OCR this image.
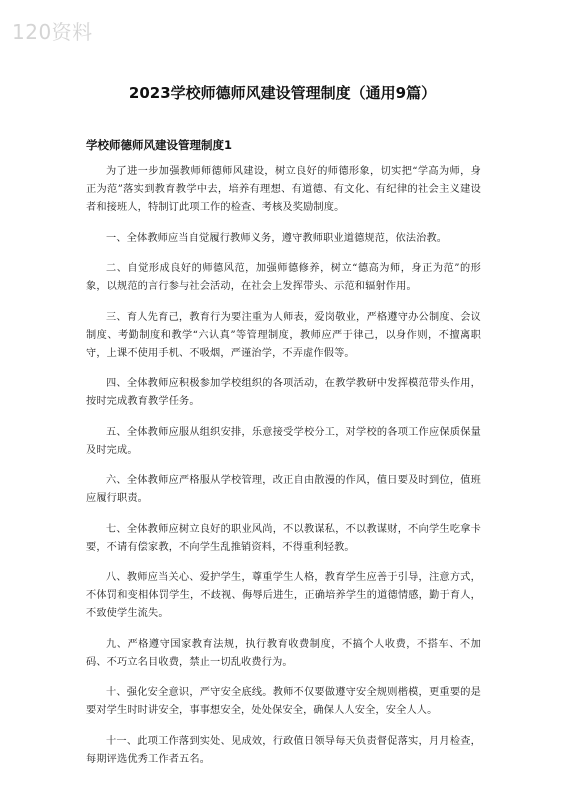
120资料
2023学校师德师风建设管理制度（通用9篇）
学校师德师风建设管理制度1

为了进一步加强教师师德师风建设，树立良好的师德形象，切实把“学高为师，身正为范”落实到教育教学中去，培养有理想、有道德、有文化、有纪律的社会主义建设者和接班人，特制订此项工作的检查、考核及奖励制度。

一、全体教师应当自觉履行教师义务，遵守教师职业道德规范，依法治教。

二、自觉形成良好的师德风范，加强师德修养，树立“德高为师，身正为范”的形象，以规范的言行参与社会活动，在社会上发挥带头、示范和辐射作用。

三、育人先育己，教育行为要注重为人师表，爱岗敬业，严格遵守办公制度、会议制度、考勤制度和教学“六认真”等管理制度，教师应严于律己，以身作则，不擅离职守，上课不使用手机、不吸烟，严谨治学，不弄虚作假等。

四、全体教师应积极参加学校组织的各项活动，在教学教研中发挥模范带头作用，按时完成教育教学任务。

五、全体教师应服从组织安排，乐意接受学校分工，对学校的各项工作应保质保量及时完成。

六、全体教师应严格服从学校管理，改正自由散漫的作风，值日要及时到位，值班应履行职责。

七、全体教师应树立良好的职业风尚，不以教谋私，不以教谋财，不向学生吃拿卡要，不请有偿家教，不向学生乱推销资料，不得重利轻教。

八、教师应当关心、爱护学生，尊重学生人格，教育学生应善于引导，注意方式，不体罚和变相体罚学生，不歧视、侮辱后进生，正确培养学生的道德情感，勤于育人，不致使学生流失。

九、严格遵守国家教育法规，执行教育收费制度，不搞个人收费，不搭车、不加码、不巧立名目收费，禁止一切乱收费行为。

十、强化安全意识，严守安全底线。教师不仅要做遵守安全规则楷模，更重要的是要对学生时时讲安全，事事想安全，处处保安全，确保人人安全，安全人人。

十一、此项工作落到实处、见成效，行政值日领导每天负责督促落实，月月检查，每期评选优秀工作者五名。
